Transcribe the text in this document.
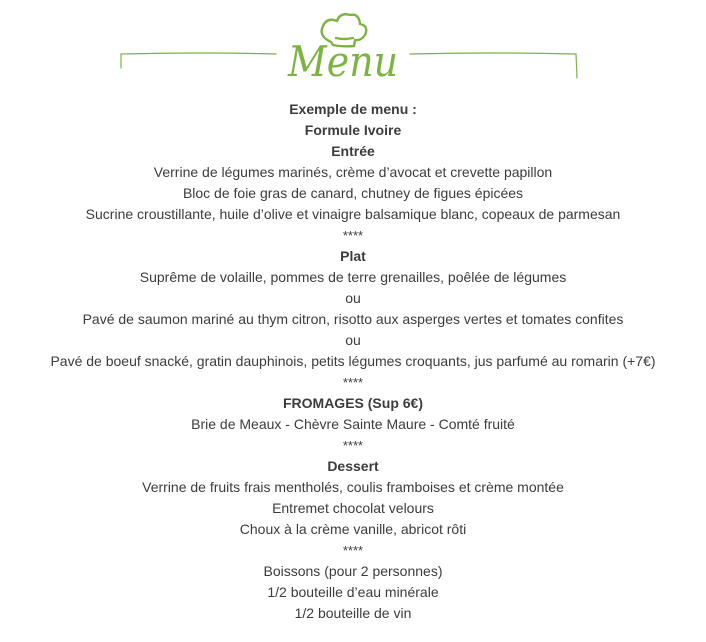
Menu
Exemple de menu :
Formule Ivoire
Entrée
Verrine de légumes marinés, crème d’avocat et crevette papillon
Bloc de foie gras de canard, chutney de figues épicées
Sucrine croustillante, huile d’olive et vinaigre balsamique blanc, copeaux de parmesan
****
Plat
Suprême de volaille, pommes de terre grenailles, poêlée de légumes
ou
Pavé de saumon mariné au thym citron, risotto aux asperges vertes et tomates confites
ou
Pavé de boeuf snacké, gratin dauphinois, petits légumes croquants, jus parfumé au romarin (+7€)
****
FROMAGES (Sup 6€)
Brie de Meaux - Chèvre Sainte Maure - Comté fruité
****
Dessert
Verrine de fruits frais mentholés, coulis framboises et crème montée
Entremet chocolat velours
Choux à la crème vanille, abricot rôti
****
Boissons (pour 2 personnes)
1/2 bouteille d’eau minérale
1/2 bouteille de vin
